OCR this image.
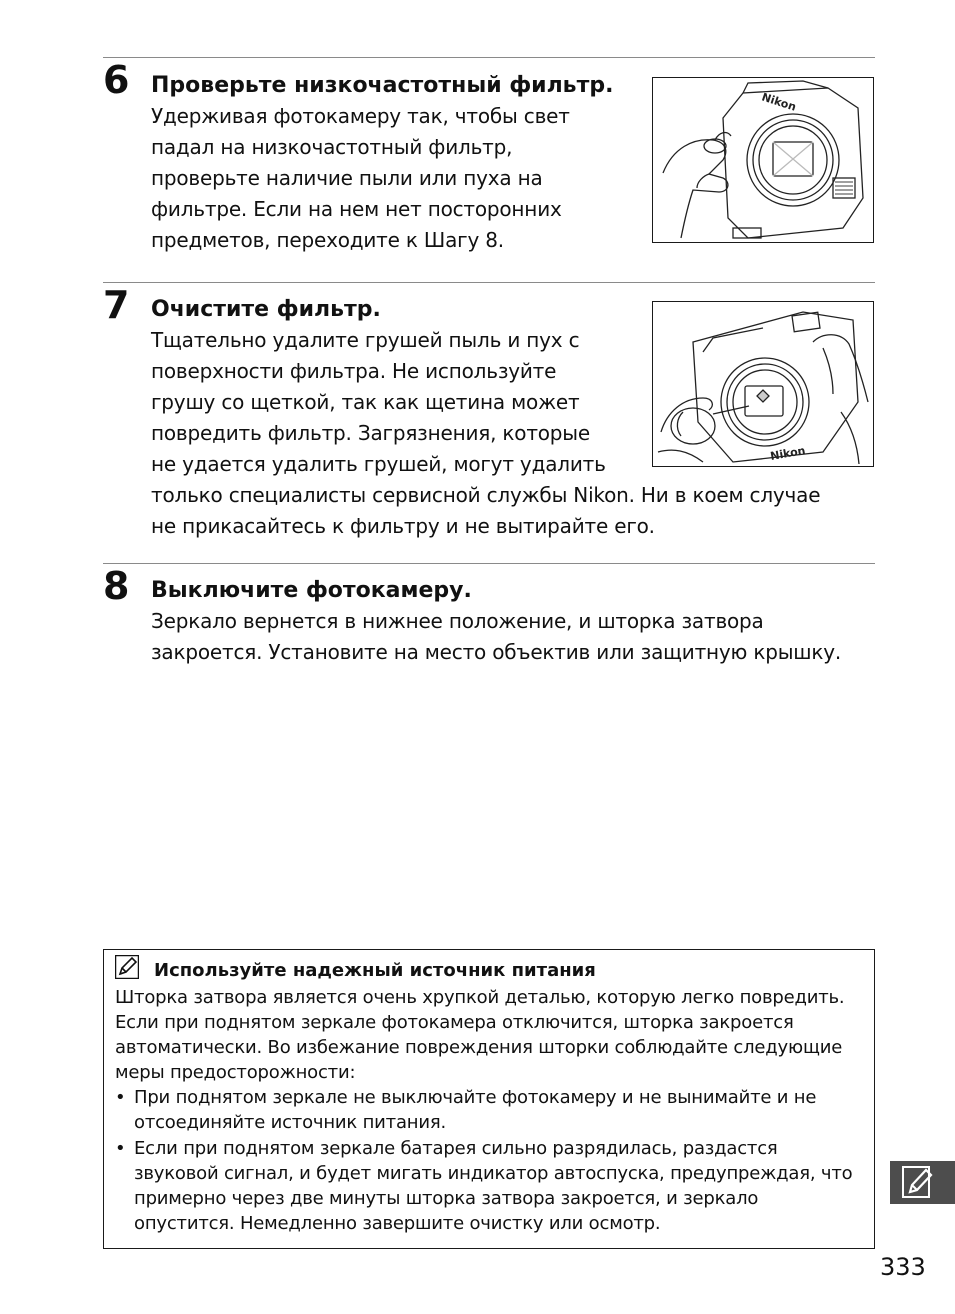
6 Проверьте низкочастотный фильтр.
Удерживая фотокамеру так, чтобы свет
падал на низкочастотный фильтр,
проверьте наличие пыли или пуха на
фильтре. Если на нем нет посторонних
предметов, переходите к Шагу 8.
Nikon
7 Очистите фильтр.
Тщательно удалите грушей пыль и пух с
поверхности фильтра. Не используйте
грушу со щеткой, так как щетина может
повредить фильтр. Загрязнения, которые
не удается удалить грушей, могут удалить
только специалисты сервисной службы Nikon. Ни в коем случае
не прикасайтесь к фильтру и не вытирайте его.
Nikon
8 Выключите фотокамеру.
Зеркало вернется в нижнее положение, и шторка затвора
закроется. Установите на место объектив или защитную крышку.
Используйте надежный источник питания
Шторка затвора является очень хрупкой деталью, которую легко повредить.
Если при поднятом зеркале фотокамера отключится, шторка закроется
автоматически. Во избежание повреждения шторки соблюдайте следующие
меры предосторожности:
• При поднятом зеркале не выключайте фотокамеру и не вынимайте и не
отсоединяйте источник питания.
• Если при поднятом зеркале батарея сильно разрядилась, раздастся
звуковой сигнал, и будет мигать индикатор автоспуска, предупреждая, что
примерно через две минуты шторка затвора закроется, и зеркало
опустится. Немедленно завершите очистку или осмотр.
333
